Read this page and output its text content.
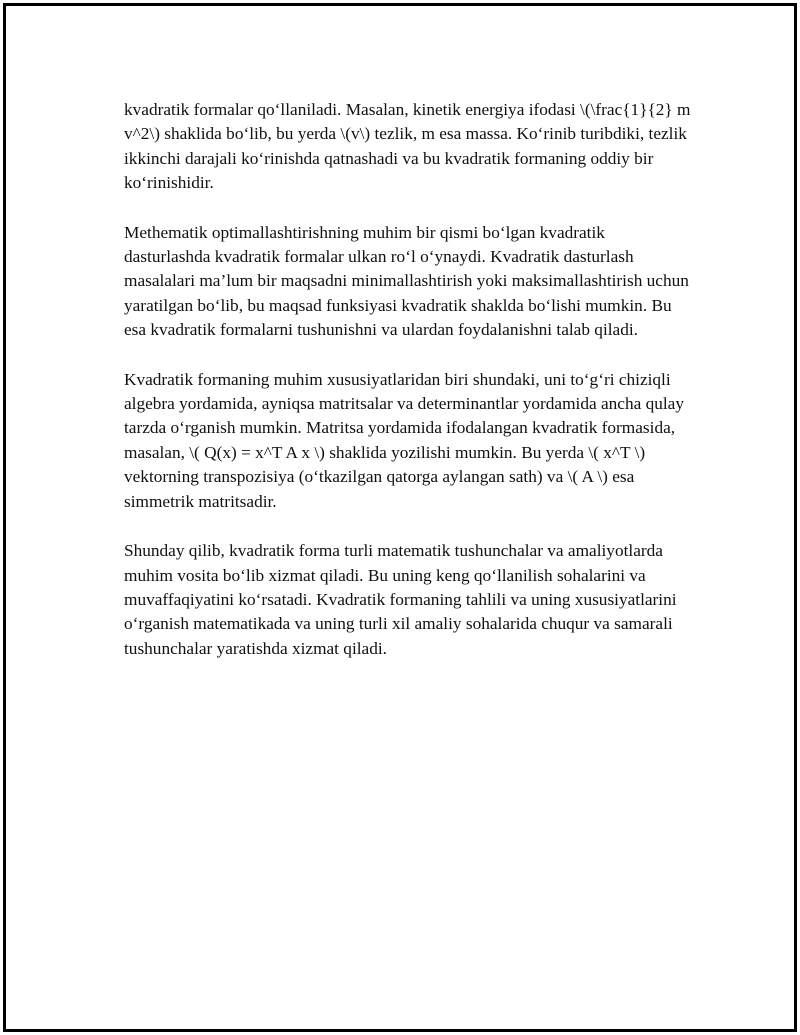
kvadratik formalar qo‘llaniladi. Masalan, kinetik energiya ifodasi \(\frac{1}{2} m v^2\) shaklida bo‘lib, bu yerda \(v\) tezlik, m esa massa. Ko‘rinib turibdiki, tezlik ikkinchi darajali ko‘rinishda qatnashadi va bu kvadratik formaning oddiy bir ko‘rinishidir.

Methematik optimallashtirishning muhim bir qismi bo‘lgan kvadratik dasturlashda kvadratik formalar ulkan ro‘l o‘ynaydi. Kvadratik dasturlash masalalari ma’lum bir maqsadni minimallashtirish yoki maksimallashtirish uchun yaratilgan bo‘lib, bu maqsad funksiyasi kvadratik shaklda bo‘lishi mumkin. Bu esa kvadratik formalarni tushunishni va ulardan foydalanishni talab qiladi.

Kvadratik formaning muhim xususiyatlaridan biri shundaki, uni to‘g‘ri chiziqli algebra yordamida, ayniqsa matritsalar va determinantlar yordamida ancha qulay tarzda o‘rganish mumkin. Matritsa yordamida ifodalangan kvadratik formasida, masalan, \( Q(x) = x^T A x \) shaklida yozilishi mumkin. Bu yerda \( x^T \) vektorning transpozisiya (o‘tkazilgan qatorga aylangan sath) va \( A \) esa simmetrik matritsadir.

Shunday qilib, kvadratik forma turli matematik tushunchalar va amaliyotlarda muhim vosita bo‘lib xizmat qiladi. Bu uning keng qo‘llanilish sohalarini va muvaffaqiyatini ko‘rsatadi. Kvadratik formaning tahlili va uning xususiyatlarini o‘rganish matematikada va uning turli xil amaliy sohalarida chuqur va samarali tushunchalar yaratishda xizmat qiladi.
